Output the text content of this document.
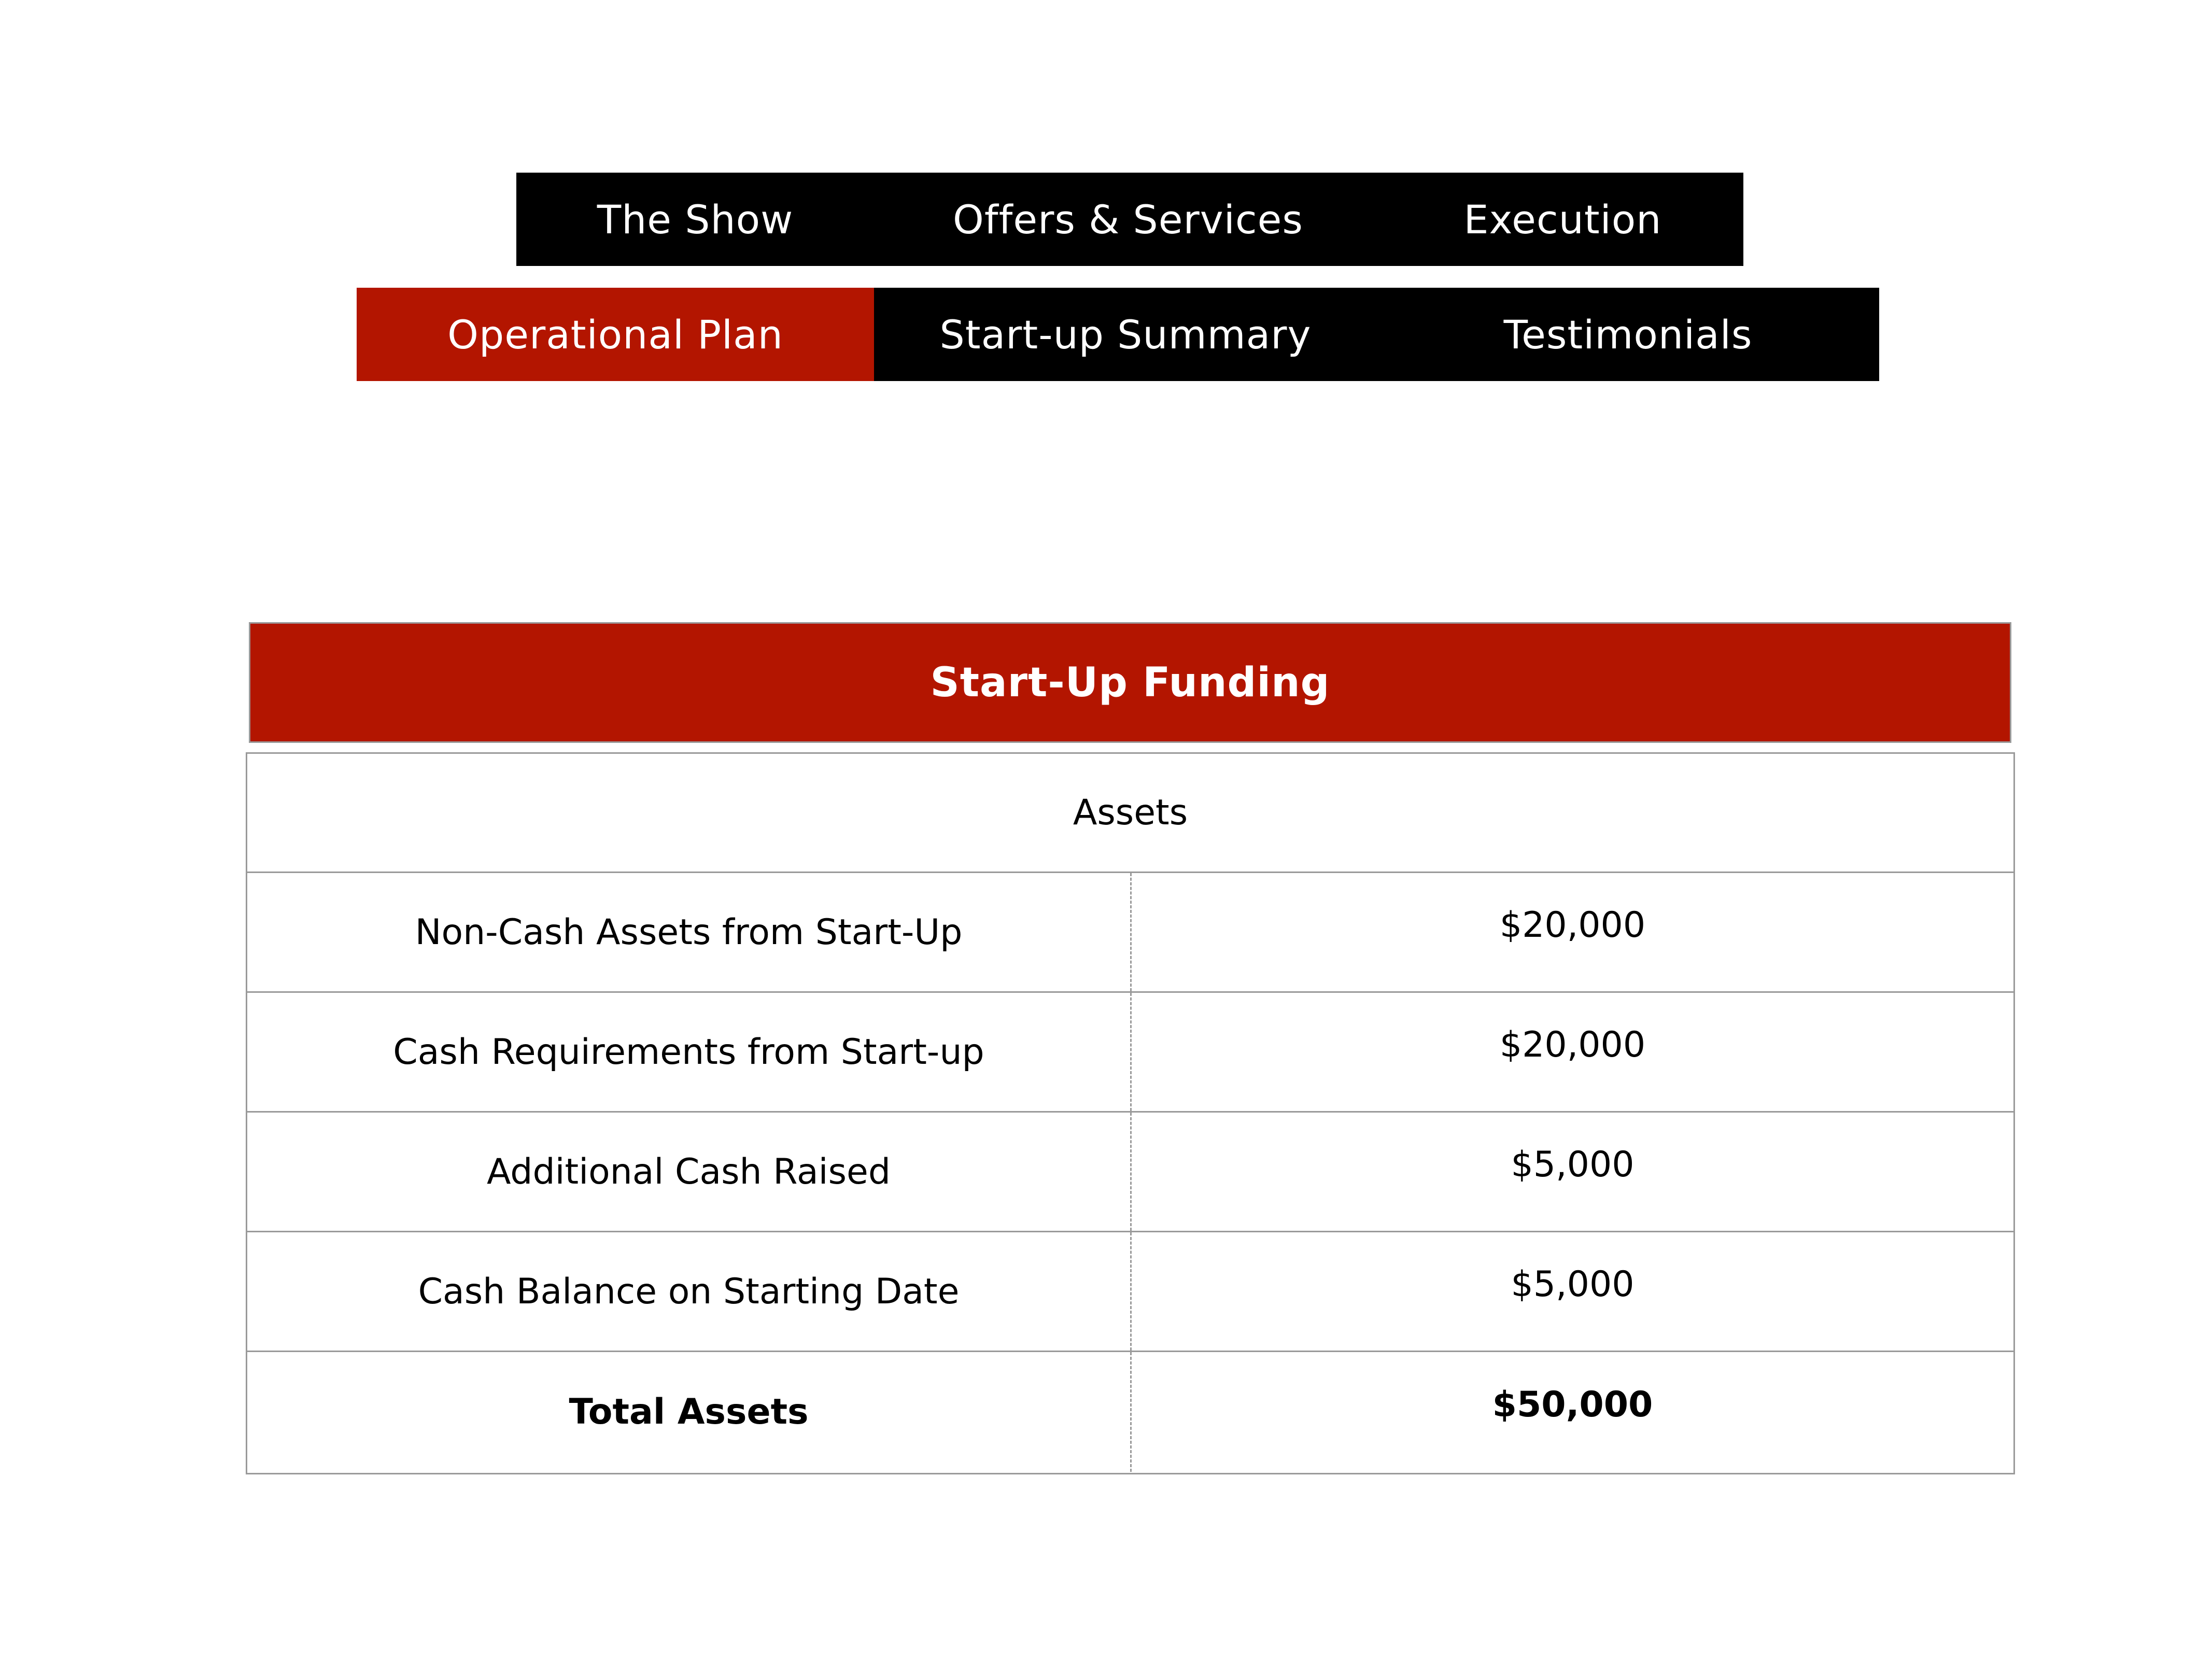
The Show	Offers & Services	Execution
Operational Plan	Start-up Summary	Testimonials
Start-Up Funding
Assets
Non-Cash Assets from Start-Up	$20,000
Cash Requirements from Start-up	$20,000
Additional Cash Raised	$5,000
Cash Balance on Starting Date	$5,000
Total Assets	$50,000
